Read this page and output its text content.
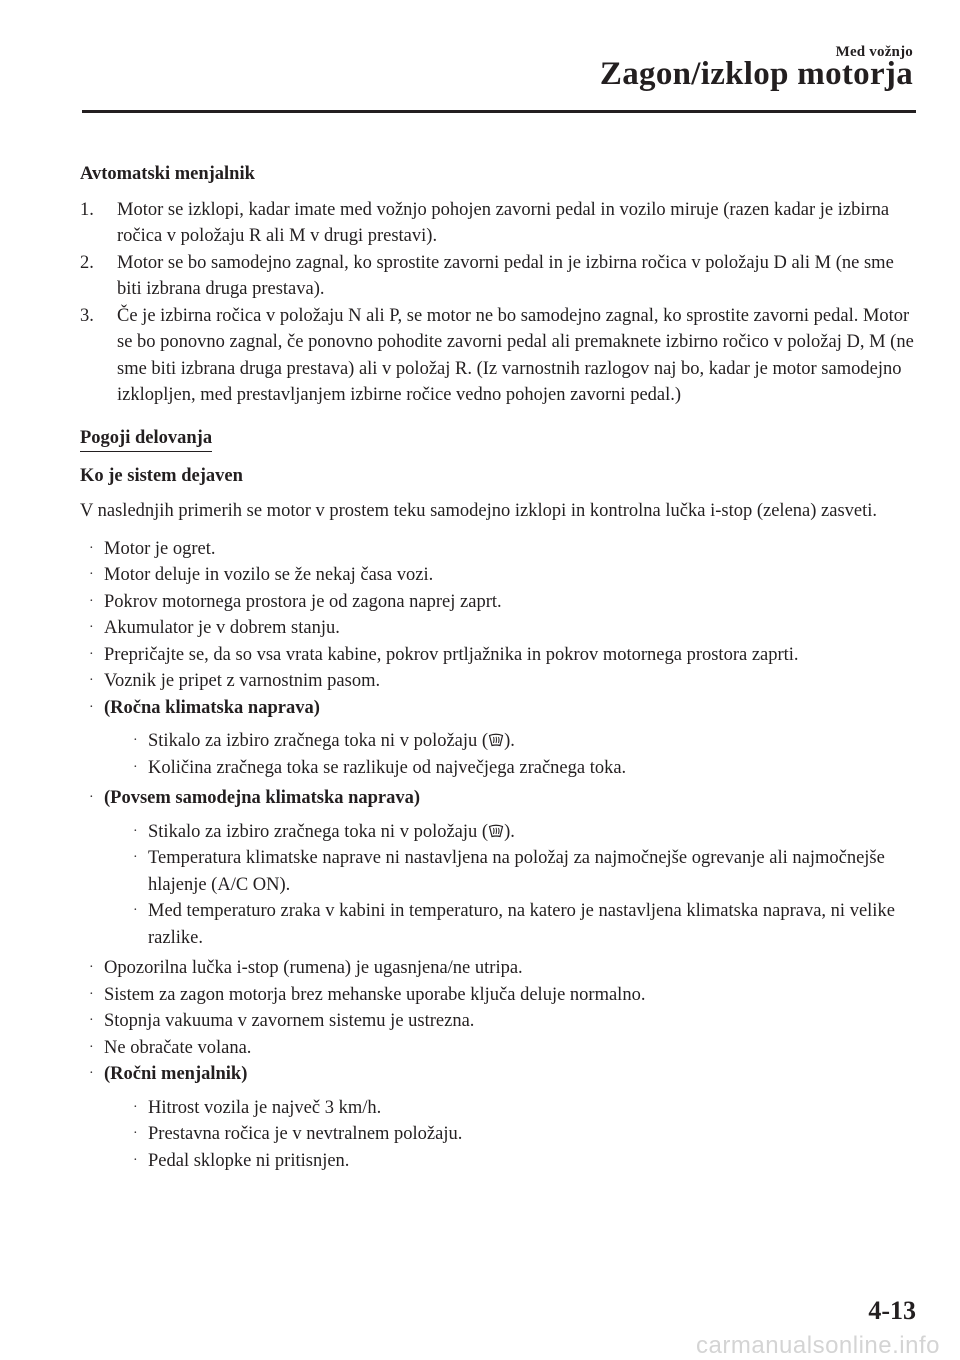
Med vožnjo
Zagon/izklop motorja
Avtomatski menjalnik
1. Motor se izklopi, kadar imate med vožnjo pohojen zavorni pedal in vozilo miruje (razen kadar je izbirna ročica v položaju R ali M v drugi prestavi).
2. Motor se bo samodejno zagnal, ko sprostite zavorni pedal in je izbirna ročica v položaju D ali M (ne sme biti izbrana druga prestava).
3. Če je izbirna ročica v položaju N ali P, se motor ne bo samodejno zagnal, ko sprostite zavorni pedal. Motor se bo ponovno zagnal, če ponovno pohodite zavorni pedal ali premaknete izbirno ročico v položaj D, M (ne sme biti izbrana druga prestava) ali v položaj R. (Iz varnostnih razlogov naj bo, kadar je motor samodejno izklopljen, med prestavljanjem izbirne ročice vedno pohojen zavorni pedal.)
Pogoji delovanja
Ko je sistem dejaven

V naslednjih primerih se motor v prostem teku samodejno izklopi in kontrolna lučka i-stop (zelena) zasveti.

· Motor je ogret.
· Motor deluje in vozilo se že nekaj časa vozi.
· Pokrov motornega prostora je od zagona naprej zaprt.
· Akumulator je v dobrem stanju.
· Prepričajte se, da so vsa vrata kabine, pokrov prtljažnika in pokrov motornega prostora zaprti.
· Voznik je pripet z varnostnim pasom.
· (Ročna klimatska naprava)
· Stikalo za izbiro zračnega toka ni v položaju ( ).
· Količina zračnega toka se razlikuje od največjega zračnega toka.
· (Povsem samodejna klimatska naprava)
· Stikalo za izbiro zračnega toka ni v položaju ( ).
· Temperatura klimatske naprave ni nastavljena na položaj za najmočnejše ogrevanje ali najmočnejše hlajenje (A/C ON).
· Med temperaturo zraka v kabini in temperaturo, na katero je nastavljena klimatska naprava, ni velike razlike.
· Opozorilna lučka i-stop (rumena) je ugasnjena/ne utripa.
· Sistem za zagon motorja brez mehanske uporabe ključa deluje normalno.
· Stopnja vakuuma v zavornem sistemu je ustrezna.
· Ne obračate volana.
· (Ročni menjalnik)
· Hitrost vozila je največ 3 km/h.
· Prestavna ročica je v nevtralnem položaju.
· Pedal sklopke ni pritisnjen.
4-13
carmanualsonline.info
